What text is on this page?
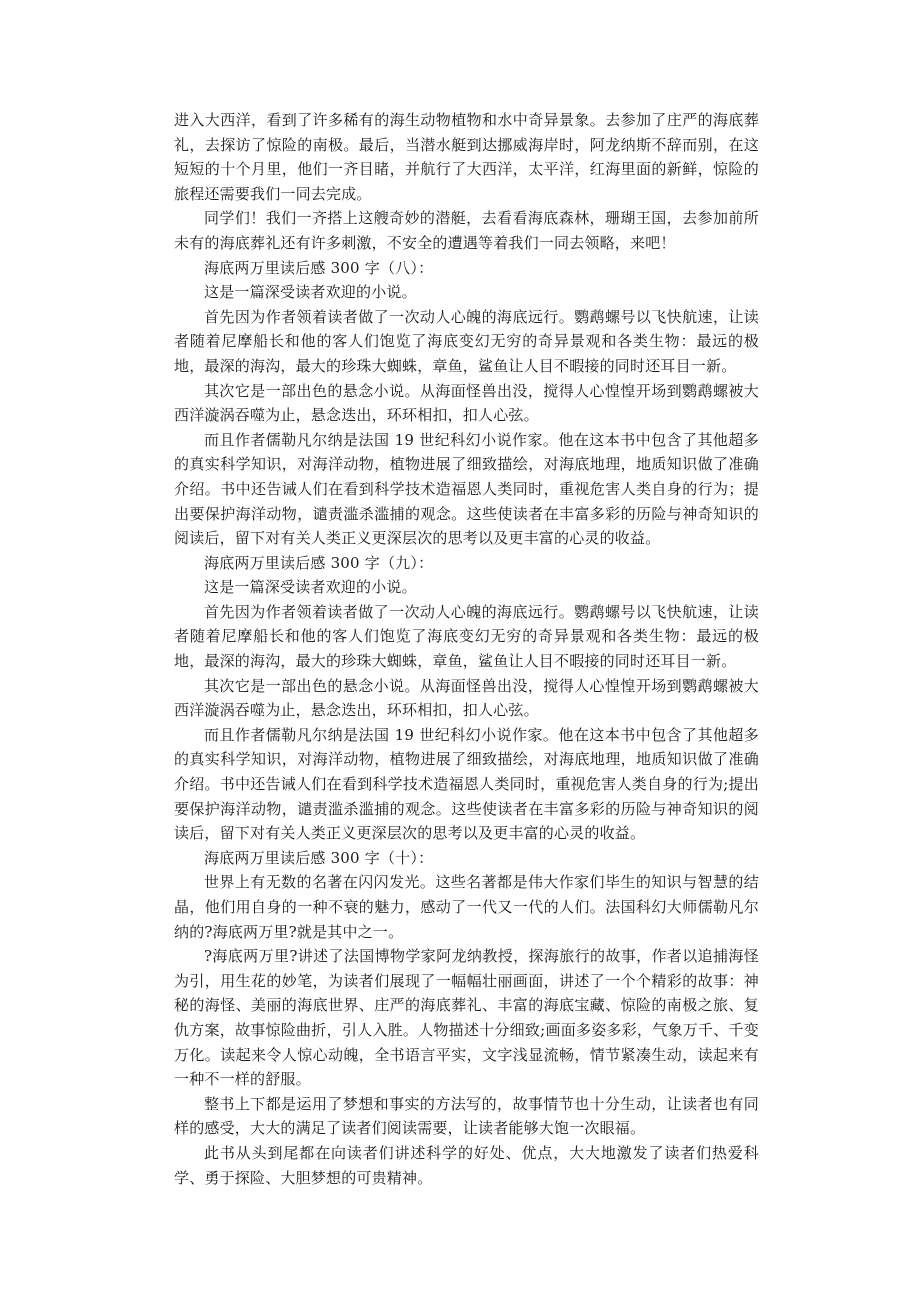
进入大西洋，看到了许多稀有的海生动物植物和水中奇异景象。去参加了庄严的海底葬礼，去探访了惊险的南极。最后，当潜水艇到达挪威海岸时，阿龙纳斯不辞而别，在这短短的十个月里，他们一齐目睹，并航行了大西洋，太平洋，红海里面的新鲜，惊险的旅程还需要我们一同去完成。

同学们！我们一齐搭上这艘奇妙的潜艇，去看看海底森林，珊瑚王国，去参加前所未有的海底葬礼还有许多刺激，不安全的遭遇等着我们一同去领略，来吧！

海底两万里读后感 300 字（八）：

这是一篇深受读者欢迎的小说。

首先因为作者领着读者做了一次动人心魄的海底远行。鹦鹉螺号以飞快航速，让读者随着尼摩船长和他的客人们饱览了海底变幻无穷的奇异景观和各类生物：最远的极地，最深的海沟，最大的珍珠大蜘蛛，章鱼，鲨鱼让人目不暇接的同时还耳目一新。

其次它是一部出色的悬念小说。从海面怪兽出没，搅得人心惶惶开场到鹦鹉螺被大西洋漩涡吞噬为止，悬念迭出，环环相扣，扣人心弦。

而且作者儒勒凡尔纳是法国 19 世纪科幻小说作家。他在这本书中包含了其他超多的真实科学知识，对海洋动物，植物进展了细致描绘，对海底地理，地质知识做了准确介绍。书中还告诫人们在看到科学技术造福恩人类同时，重视危害人类自身的行为；提出要保护海洋动物，谴责滥杀滥捕的观念。这些使读者在丰富多彩的历险与神奇知识的阅读后，留下对有关人类正义更深层次的思考以及更丰富的心灵的收益。

海底两万里读后感 300 字（九）：

这是一篇深受读者欢迎的小说。

首先因为作者领着读者做了一次动人心魄的海底远行。鹦鹉螺号以飞快航速，让读者随着尼摩船长和他的客人们饱览了海底变幻无穷的奇异景观和各类生物：最远的极地，最深的海沟，最大的珍珠大蜘蛛，章鱼，鲨鱼让人目不暇接的同时还耳目一新。

其次它是一部出色的悬念小说。从海面怪兽出没，搅得人心惶惶开场到鹦鹉螺被大西洋漩涡吞噬为止，悬念迭出，环环相扣，扣人心弦。

而且作者儒勒凡尔纳是法国 19 世纪科幻小说作家。他在这本书中包含了其他超多的真实科学知识，对海洋动物，植物进展了细致描绘，对海底地理，地质知识做了准确介绍。书中还告诫人们在看到科学技术造福恩人类同时，重视危害人类自身的行为;提出要保护海洋动物，谴责滥杀滥捕的观念。这些使读者在丰富多彩的历险与神奇知识的阅读后，留下对有关人类正义更深层次的思考以及更丰富的心灵的收益。

海底两万里读后感 300 字（十）：

世界上有无数的名著在闪闪发光。这些名著都是伟大作家们毕生的知识与智慧的结晶，他们用自身的一种不衰的魅力，感动了一代又一代的人们。法国科幻大师儒勒凡尔纳的?海底两万里?就是其中之一。

?海底两万里?讲述了法国博物学家阿龙纳教授，探海旅行的故事，作者以追捕海怪为引，用生花的妙笔，为读者们展现了一幅幅壮丽画面，讲述了一个个精彩的故事：神秘的海怪、美丽的海底世界、庄严的海底葬礼、丰富的海底宝藏、惊险的南极之旅、复仇方案，故事惊险曲折，引人入胜。人物描述十分细致;画面多姿多彩，气象万千、千变万化。读起来令人惊心动魄，全书语言平实，文字浅显流畅，情节紧凑生动，读起来有一种不一样的舒服。

整书上下都是运用了梦想和事实的方法写的，故事情节也十分生动，让读者也有同样的感受，大大的满足了读者们阅读需要，让读者能够大饱一次眼福。

此书从头到尾都在向读者们讲述科学的好处、优点，大大地激发了读者们热爱科学、勇于探险、大胆梦想的可贵精神。
